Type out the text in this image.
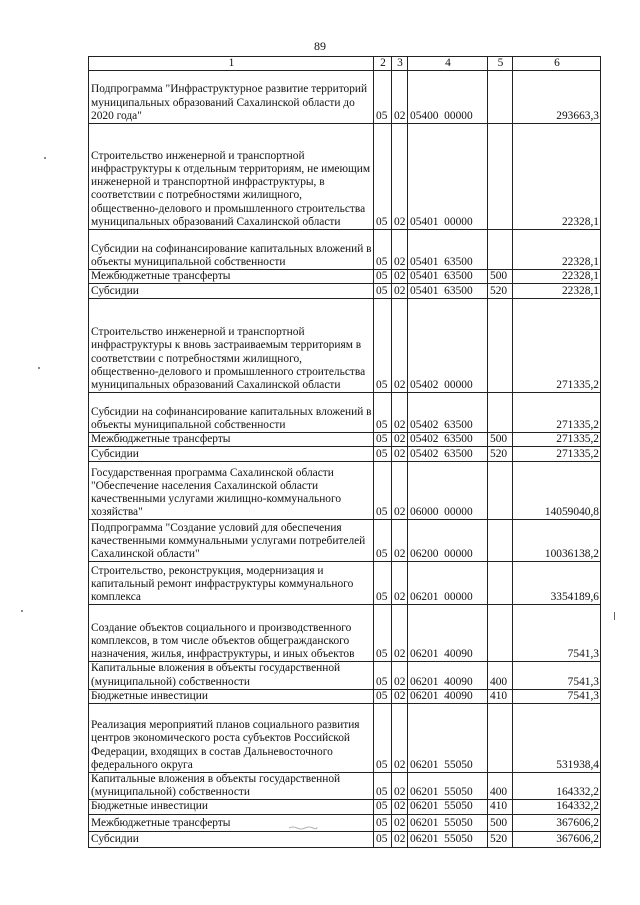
89
1	2	3	4	5	6
Подпрограмма "Инфраструктурное развитие территорий муниципальных образований Сахалинской области до 2020 года"	05	02	05400  00000		293663,3
Строительство инженерной и транспортной инфраструктуры к отдельным территориям, не имеющим инженерной и транспортной инфраструктуры, в соответствии с потребностями жилищного, общественно-делового и промышленного строительства муниципальных образований Сахалинской области	05	02	05401  00000		22328,1
Субсидии на софинансирование капитальных вложений в объекты муниципальной собственности	05	02	05401  63500		22328,1
Межбюджетные трансферты	05	02	05401  63500	500	22328,1
Субсидии	05	02	05401  63500	520	22328,1
Строительство инженерной и транспортной инфраструктуры к вновь застраиваемым территориям в соответствии с потребностями жилищного, общественно-делового и промышленного строительства муниципальных образований Сахалинской области	05	02	05402  00000		271335,2
Субсидии на софинансирование капитальных вложений в объекты муниципальной собственности	05	02	05402  63500		271335,2
Межбюджетные трансферты	05	02	05402  63500	500	271335,2
Субсидии	05	02	05402  63500	520	271335,2
Государственная программа Сахалинской области "Обеспечение населения Сахалинской области качественными услугами жилищно-коммунального хозяйства"	05	02	06000  00000		14059040,8
Подпрограмма "Создание условий для обеспечения качественными коммунальными услугами потребителей Сахалинской области"	05	02	06200  00000		10036138,2
Строительство, реконструкция, модернизация и капитальный ремонт инфраструктуры коммунального комплекса	05	02	06201  00000		3354189,6
Создание объектов социального и производственного комплексов, в том числе объектов общегражданского назначения, жилья, инфраструктуры, и иных объектов	05	02	06201  40090		7541,3
Капитальные вложения в объекты государственной (муниципальной) собственности	05	02	06201  40090	400	7541,3
Бюджетные инвестиции	05	02	06201  40090	410	7541,3
Реализация мероприятий планов социального развития центров экономического роста субъектов Российской Федерации, входящих в состав Дальневосточного федерального округа	05	02	06201  55050		531938,4
Капитальные вложения в объекты государственной (муниципальной) собственности	05	02	06201  55050	400	164332,2
Бюджетные инвестиции	05	02	06201  55050	410	164332,2
Межбюджетные трансферты	05	02	06201  55050	500	367606,2
Субсидии	05	02	06201  55050	520	367606,2
